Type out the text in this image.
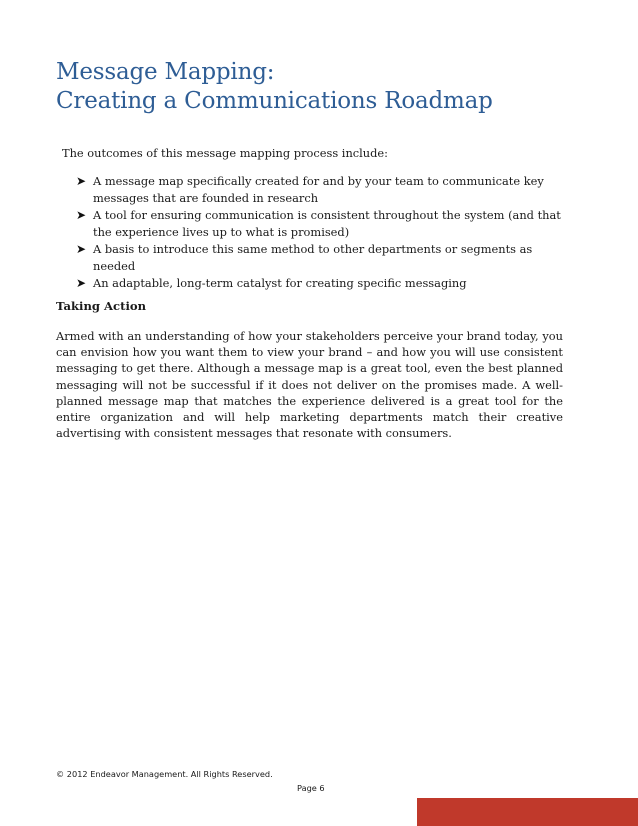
Message Mapping:
Creating a Communications Roadmap

The outcomes of this message mapping process include:

➤ A message map specifically created for and by your team to communicate key messages that are founded in research
➤ A tool for ensuring communication is consistent throughout the system (and that the experience lives up to what is promised)
➤ A basis to introduce this same method to other departments or segments as needed
➤ An adaptable, long-term catalyst for creating specific messaging
Taking Action

Armed with an understanding of how your stakeholders perceive your brand today, you can envision how you want them to view your brand – and how you will use consistent messaging to get there. Although a message map is a great tool, even the best planned messaging will not be successful if it does not deliver on the promises made. A well-planned message map that matches the experience delivered is a great tool for the entire organization and will help marketing departments match their creative advertising with consistent messages that resonate with consumers.

© 2012 Endeavor Management. All Rights Reserved.

Page 6
